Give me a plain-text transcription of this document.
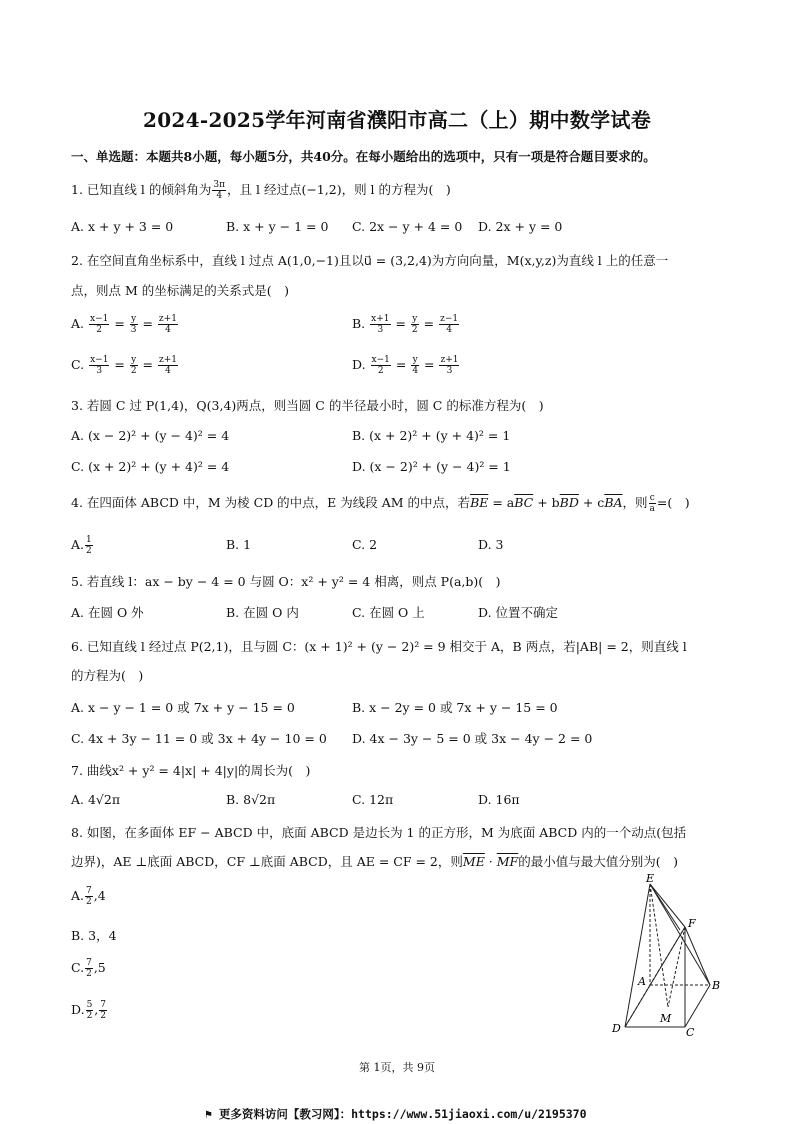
2024-2025学年河南省濮阳市高二（上）期中数学试卷
一、单选题：本题共8小题，每小题5分，共40分。在每小题给出的选项中，只有一项是符合题目要求的。
1. 已知直线 l 的倾斜角为 $\frac{3\pi}{4}$ ，且 l 经过点(−1,2)，则 l 的方程为(　)
A. x + y + 3 = 0	B. x + y − 1 = 0 C. 2x − y + 4 = 0 D. 2x + y = 0
2. 在空间直角坐标系中，直线 l 过点 A(1,0,−1)且以u⃗ = (3,2,4)为方向向量，M(x,y,z)为直线 l 上的任意一
点，则点 M 的坐标满足的关系式是(　)
A. $\frac{x-1}{2} = \frac{y}{3} = \frac{z+1}{4}$	B. $\frac{x+1}{3} = \frac{y}{2} = \frac{z-1}{4}$
C. $\frac{x-1}{3} = \frac{y}{2} = \frac{z+1}{4}$	D. $\frac{x-1}{2} = \frac{y}{4} = \frac{z+1}{3}$
3. 若圆 C 过 P(1,4)，Q(3,4)两点，则当圆 C 的半径最小时，圆 C 的标准方程为(　)
A. (x − 2)² + (y − 4)² = 4	B. (x + 2)² + (y + 4)² = 1
C. (x + 2)² + (y + 4)² = 4	D. (x − 2)² + (y − 4)² = 1
4. 在四面体 ABCD 中，M 为棱 CD 的中点，E 为线段 AM 的中点，若$\overline{BE} = a\overline{BC} + b\overline{BD} + c\overline{BA}$，则 $\frac{c}{a}$ =(　)
A. $\frac{1}{2}$	B. 1	C. 2	D. 3
5. 若直线 l：ax − by − 4 = 0 与圆 O：x² + y² = 4 相离，则点 P(a,b)(　)
A. 在圆 O 外	B. 在圆 O 内	C. 在圆 O 上	D. 位置不确定
6. 已知直线 l 经过点 P(2,1)，且与圆 C：(x + 1)² + (y − 2)² = 9 相交于 A，B 两点，若|AB| = 2，则直线 l
的方程为(　)
A. x − y − 1 = 0 或 7x + y − 15 = 0	B. x − 2y = 0 或 7x + y − 15 = 0
C. 4x + 3y − 11 = 0 或 3x + 4y − 10 = 0 D. 4x − 3y − 5 = 0 或 3x − 4y − 2 = 0
7. 曲线x² + y² = 4|x| + 4|y|的周长为(　)
A. 4√2π	B. 8√2π	C. 12π	D. 16π
8. 如图，在多面体 EF − ABCD 中，底面 ABCD 是边长为 1 的正方形，M 为底面 ABCD 内的一个动点(包括
边界)，AE ⊥底面 ABCD，CF ⊥底面 ABCD，且 AE = CF = 2，则$\overline{ME} \cdot \overline{MF}$的最小值与最大值分别为(　)
A. $\frac{7}{2} ,4$
B. 3，4
C. $\frac{7}{2} ,5$
D. $\frac{5}{2}$ , $\frac{7}{2}$
E
F
A	B
D
M
C
第 1页，共 9页
⚑ 更多资料访问【教习网】：https://www.51jiaoxi.com/u/2195370
